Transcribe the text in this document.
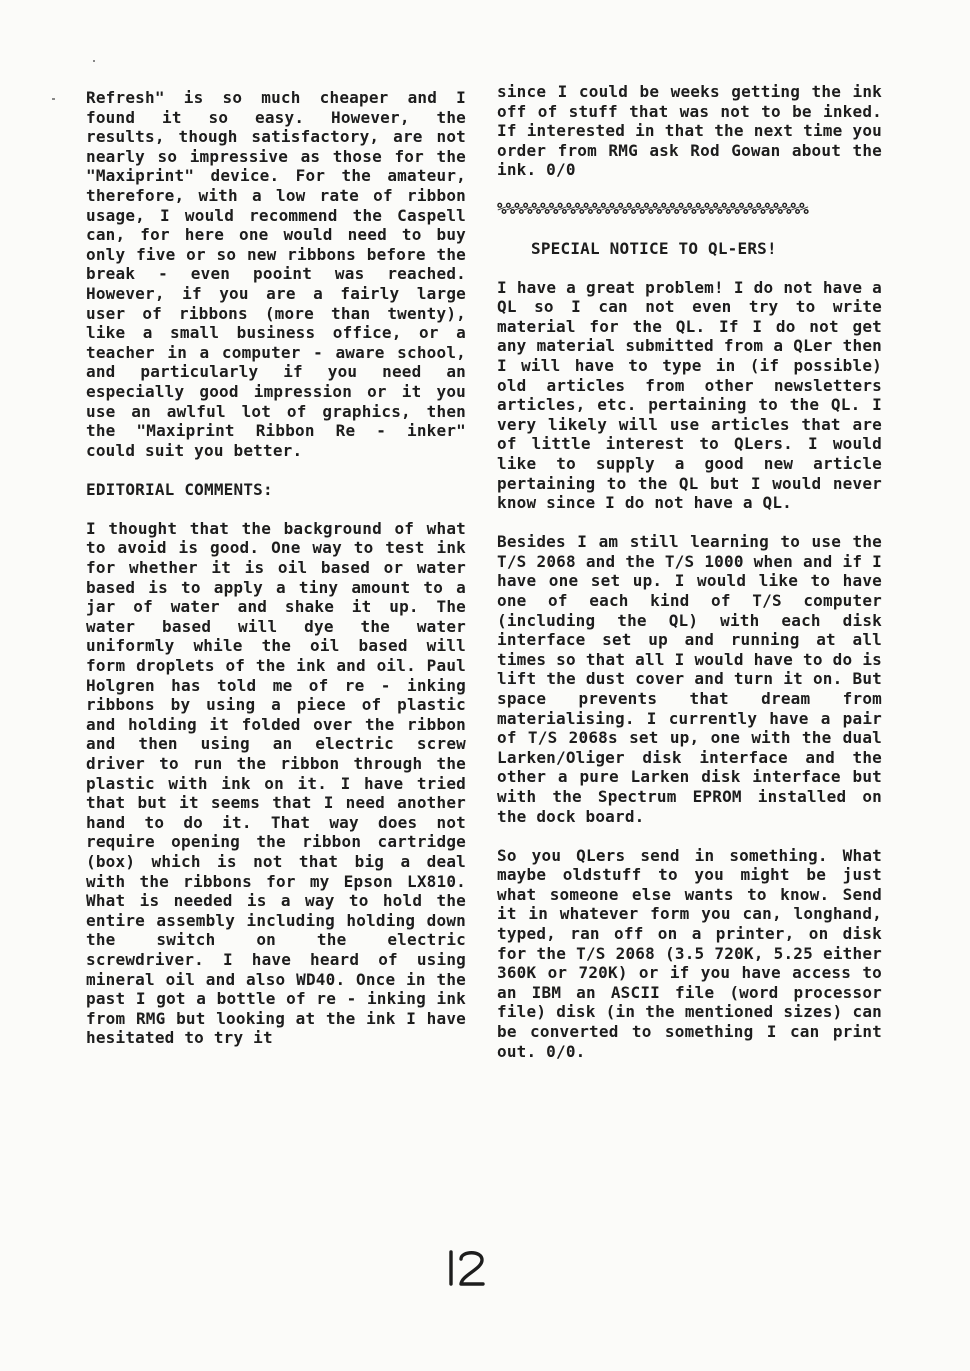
Refresh" is so much cheaper and I found it so easy. However, the results, though satisfactory, are not nearly so impressive as those for the "Maxiprint" device. For the amateur, therefore, with a low rate of ribbon usage, I would recommend the Caspell can, for here one would need to buy only five or so new ribbons before the break - even pooint was reached. However, if you are a fairly large user of ribbons (more than twenty), like a small business office, or a teacher in a computer - aware school, and particularly if you need an especially good impression or it you use an awlful lot of graphics, then the "Maxiprint Ribbon Re - inker" could suit you better.

EDITORIAL COMMENTS:

I thought that the background of what to avoid is good. One way to test ink for whether it is oil based or water based is to apply a tiny amount to a jar of water and shake it up. The water based will dye the water uniformly while the oil based will form droplets of the ink and oil. Paul Holgren has told me of re - inking ribbons by using a piece of plastic and holding it folded over the ribbon and then using an electric screw driver to run the ribbon through the plastic with ink on it. I have tried that but it seems that I need another hand to do it. That way does not require opening the ribbon cartridge (box) which is not that big a deal with the ribbons for my Epson LX810. What is needed is a way to hold the entire assembly including holding down the switch on the electric screwdriver. I have heard of using mineral oil and also WD40. Once in the past I got a bottle of re - inking ink from RMG but looking at the ink I have hesitated to try it

since I could be weeks getting the ink off of stuff that was not to be inked. If interested in that the next time you order from RMG ask Rod Gowan about the ink. 0/0

%%%%%%%%%%%%%%%%%%%%%%%%%%%%%%%%%%%%

SPECIAL NOTICE TO QL-ERS!

I have a great problem! I do not have a QL so I can not even try to write material for the QL. If I do not get any material submitted from a QLer then I will have to type in (if possible) old articles from other newsletters articles, etc. pertaining to the QL. I very likely will use articles that are of little interest to QLers. I would like to supply a good new article pertaining to the QL but I would never know since I do not have a QL.

Besides I am still learning to use the T/S 2068 and the T/S 1000 when and if I have one set up. I would like to have one of each kind of T/S computer (including the QL) with each disk interface set up and running at all times so that all I would have to do is lift the dust cover and turn it on. But space prevents that dream from materialising. I currently have a pair of T/S 2068s set up, one with the dual Larken/Oliger disk interface and the other a pure Larken disk interface but with the Spectrum EPROM installed on the dock board.

So you QLers send in something. What maybe oldstuff to you might be just what someone else wants to know. Send it in whatever form you can, longhand, typed, ran off on a printer, on disk for the T/S 2068 (3.5 720K, 5.25 either 360K or 720K) or if you have access to an IBM an ASCII file (word processor file) disk (in the mentioned sizes) can be converted to something I can print out. 0/0.
